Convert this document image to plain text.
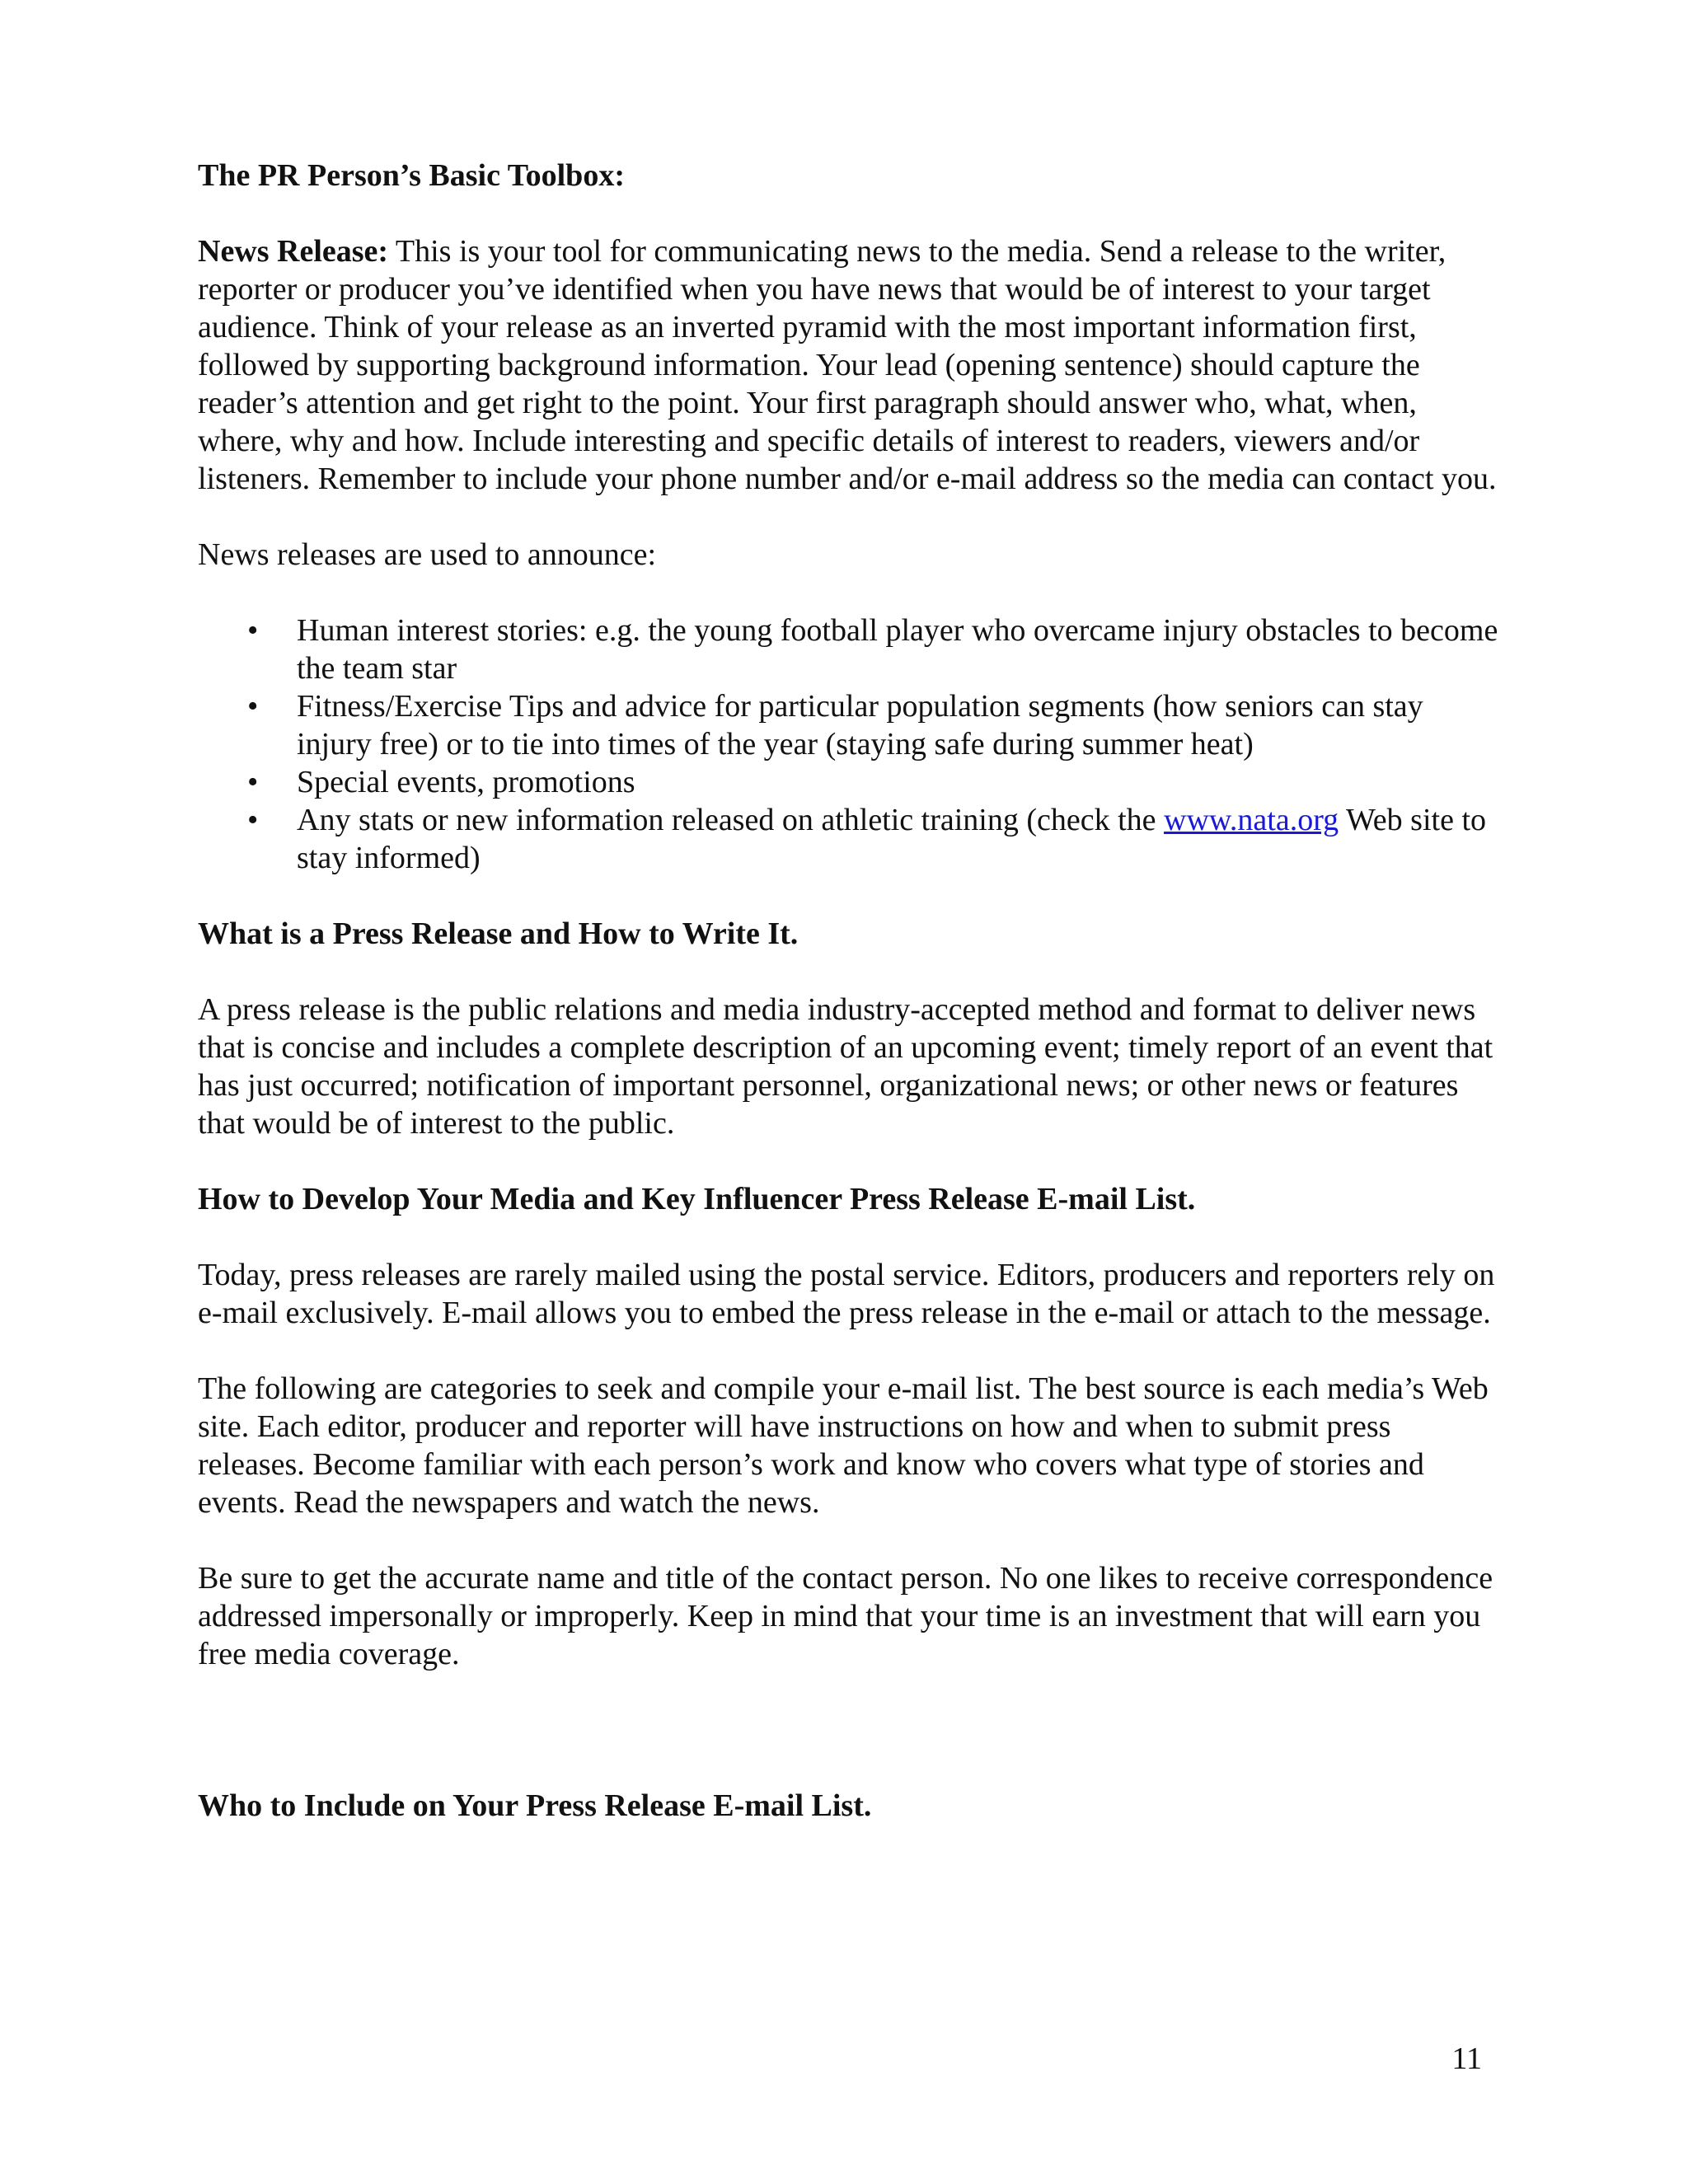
The PR Person’s Basic Toolbox:

News Release: This is your tool for communicating news to the media. Send a release to the writer, reporter or producer you’ve identified when you have news that would be of interest to your target audience. Think of your release as an inverted pyramid with the most important information first, followed by supporting background information. Your lead (opening sentence) should capture the reader’s attention and get right to the point. Your first paragraph should answer who, what, when, where, why and how. Include interesting and specific details of interest to readers, viewers and/or listeners. Remember to include your phone number and/or e-mail address so the media can contact you.

News releases are used to announce:

• Human interest stories: e.g. the young football player who overcame injury obstacles to become the team star
• Fitness/Exercise Tips and advice for particular population segments (how seniors can stay injury free) or to tie into times of the year (staying safe during summer heat)
• Special events, promotions
• Any stats or new information released on athletic training (check the www.nata.org Web site to stay informed)

What is a Press Release and How to Write It.

A press release is the public relations and media industry-accepted method and format to deliver news that is concise and includes a complete description of an upcoming event; timely report of an event that has just occurred; notification of important personnel, organizational news; or other news or features that would be of interest to the public.

How to Develop Your Media and Key Influencer Press Release E-mail List.

Today, press releases are rarely mailed using the postal service. Editors, producers and reporters rely on e-mail exclusively. E-mail allows you to embed the press release in the e-mail or attach to the message.

The following are categories to seek and compile your e-mail list. The best source is each media’s Web site. Each editor, producer and reporter will have instructions on how and when to submit press releases. Become familiar with each person’s work and know who covers what type of stories and events. Read the newspapers and watch the news.

Be sure to get the accurate name and title of the contact person. No one likes to receive correspondence addressed impersonally or improperly. Keep in mind that your time is an investment that will earn you free media coverage.

Who to Include on Your Press Release E-mail List.

11
